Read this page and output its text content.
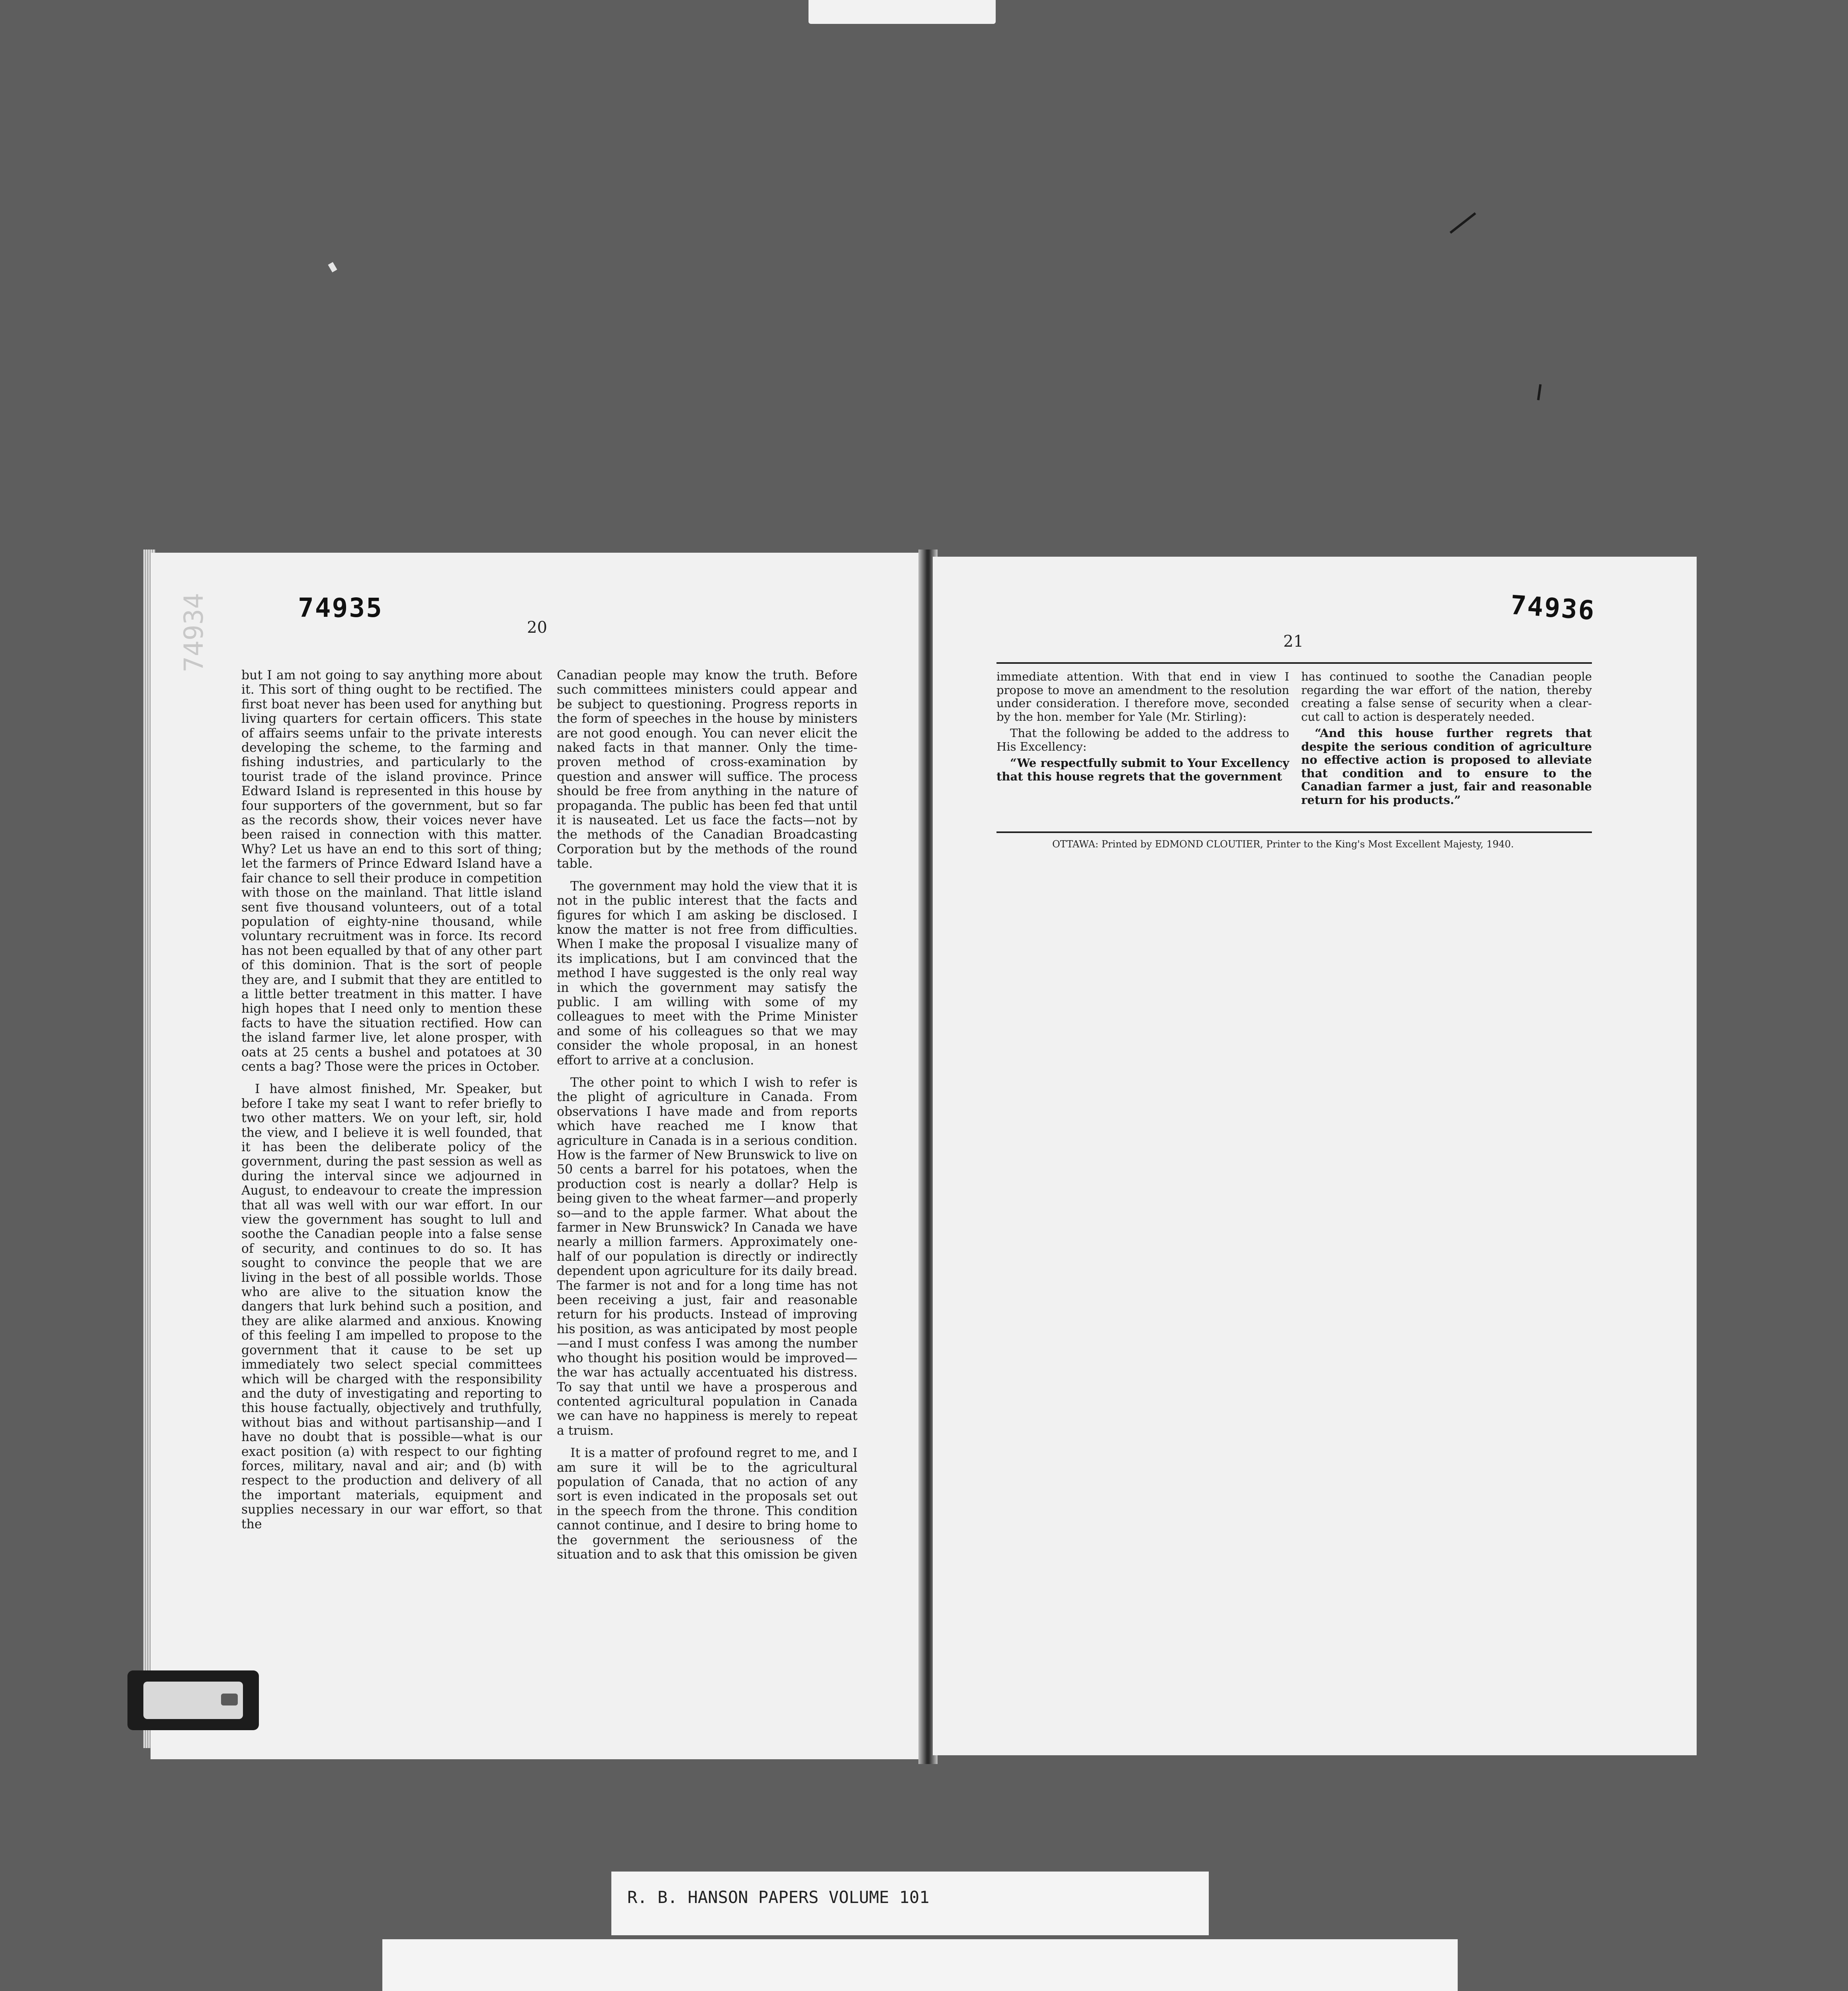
74934	74935
20

but I am not going to say anything more about it. This sort of thing ought to be rectified. The first boat never has been used for anything but living quarters for certain officers. This state of affairs seems unfair to the private interests developing the scheme, to the farming and fishing industries, and particularly to the tourist trade of the island province. Prince Edward Island is represented in this house by four supporters of the government, but so far as the records show, their voices never have been raised in connection with this matter. Why? Let us have an end to this sort of thing; let the farmers of Prince Edward Island have a fair chance to sell their produce in competition with those on the mainland. That little island sent five thousand volunteers, out of a total population of eighty-nine thousand, while voluntary recruitment was in force. Its record has not been equalled by that of any other part of this dominion. That is the sort of people they are, and I submit that they are entitled to a little better treatment in this matter. I have high hopes that I need only to mention these facts to have the situation rectified. How can the island farmer live, let alone prosper, with oats at 25 cents a bushel and potatoes at 30 cents a bag? Those were the prices in October.

I have almost finished, Mr. Speaker, but before I take my seat I want to refer briefly to two other matters. We on your left, sir, hold the view, and I believe it is well founded, that it has been the deliberate policy of the government, during the past session as well as during the interval since we adjourned in August, to endeavour to create the impression that all was well with our war effort. In our view the government has sought to lull and soothe the Canadian people into a false sense of security, and continues to do so. It has sought to convince the people that we are living in the best of all possible worlds. Those who are alive to the situation know the dangers that lurk behind such a position, and they are alike alarmed and anxious. Knowing of this feeling I am impelled to propose to the government that it cause to be set up immediately two select special committees which will be charged with the responsibility and the duty of investigating and reporting to this house factually, objectively and truthfully, without bias and without partisanship—and I have no doubt that is possible—what is our exact position (a) with respect to our fighting forces, military, naval and air; and (b) with respect to the production and delivery of all the important materials, equipment and supplies necessary in our war effort, so that the

Canadian people may know the truth. Before such committees ministers could appear and be subject to questioning. Progress reports in the form of speeches in the house by ministers are not good enough. You can never elicit the naked facts in that manner. Only the time-proven method of cross-examination by question and answer will suffice. The process should be free from anything in the nature of propaganda. The public has been fed that until it is nauseated. Let us face the facts—not by the methods of the Canadian Broadcasting Corporation but by the methods of the round table.

The government may hold the view that it is not in the public interest that the facts and figures for which I am asking be disclosed. I know the matter is not free from difficulties. When I make the proposal I visualize many of its implications, but I am convinced that the method I have suggested is the only real way in which the government may satisfy the public. I am willing with some of my colleagues to meet with the Prime Minister and some of his colleagues so that we may consider the whole proposal, in an honest effort to arrive at a conclusion.

The other point to which I wish to refer is the plight of agriculture in Canada. From observations I have made and from reports which have reached me I know that agriculture in Canada is in a serious condition. How is the farmer of New Brunswick to live on 50 cents a barrel for his potatoes, when the production cost is nearly a dollar? Help is being given to the wheat farmer—and properly so—and to the apple farmer. What about the farmer in New Brunswick? In Canada we have nearly a million farmers. Approximately one-half of our population is directly or indirectly dependent upon agriculture for its daily bread. The farmer is not and for a long time has not been receiving a just, fair and reasonable return for his products. Instead of improving his position, as was anticipated by most people—and I must confess I was among the number who thought his position would be improved—the war has actually accentuated his distress. To say that until we have a prosperous and contented agricultural population in Canada we can have no happiness is merely to repeat a truism.

It is a matter of profound regret to me, and I am sure it will be to the agricultural population of Canada, that no action of any sort is even indicated in the proposals set out in the speech from the throne. This condition cannot continue, and I desire to bring home to the government the seriousness of the situation and to ask that this omission be given

74936
21

immediate attention. With that end in view I propose to move an amendment to the resolution under consideration. I therefore move, seconded by the hon. member for Yale (Mr. Stirling):

That the following be added to the address to His Excellency:

“We respectfully submit to Your Excellency that this house regrets that the government

has continued to soothe the Canadian people regarding the war effort of the nation, thereby creating a false sense of security when a clear-cut call to action is desperately needed.

“And this house further regrets that despite the serious condition of agriculture no effective action is proposed to alleviate that condition and to ensure to the Canadian farmer a just, fair and reasonable return for his products.”

OTTAWA: Printed by EDMOND CLOUTIER, Printer to the King's Most Excellent Majesty, 1940.
R. B. HANSON PAPERS VOLUME 101
